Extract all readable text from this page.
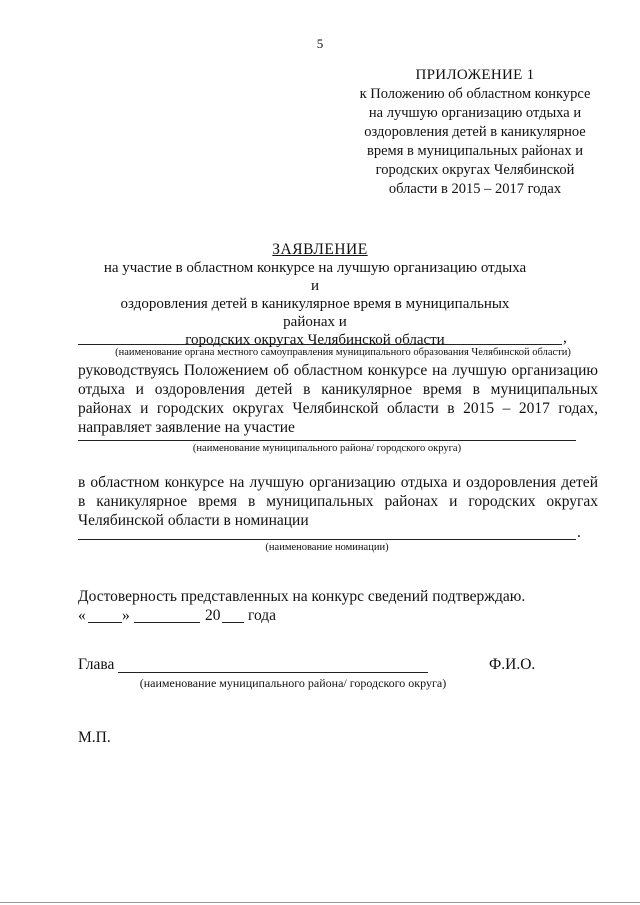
5
ПРИЛОЖЕНИЕ 1
к Положению об областном конкурсе
на лучшую организацию отдыха и
оздоровления детей в каникулярное
время в муниципальных районах и
городских округах Челябинской
области в 2015 – 2017 годах
ЗАЯВЛЕНИЕ
на участие в областном конкурсе на лучшую организацию отдыха и
оздоровления детей в каникулярное время в муниципальных районах и
городских округах Челябинской области	,
(наименование органа местного самоуправления муниципального образования Челябинской области)
руководствуясь Положением об областном конкурсе на лучшую организацию отдыха и оздоровления детей в каникулярное время в муниципальных районах и городских округах Челябинской области в 2015 – 2017 годах, направляет заявление на участие
(наименование муниципального района/ городского округа)
в областном конкурсе на лучшую организацию отдыха и оздоровления детей в каникулярное время в муниципальных районах и городских округах Челябинской области в номинации
.
(наименование номинации)
Достоверность представленных на конкурс сведений подтверждаю.
« »	20 года
Глава	Ф.И.О.
(наименование муниципального района/ городского округа)
М.П.
